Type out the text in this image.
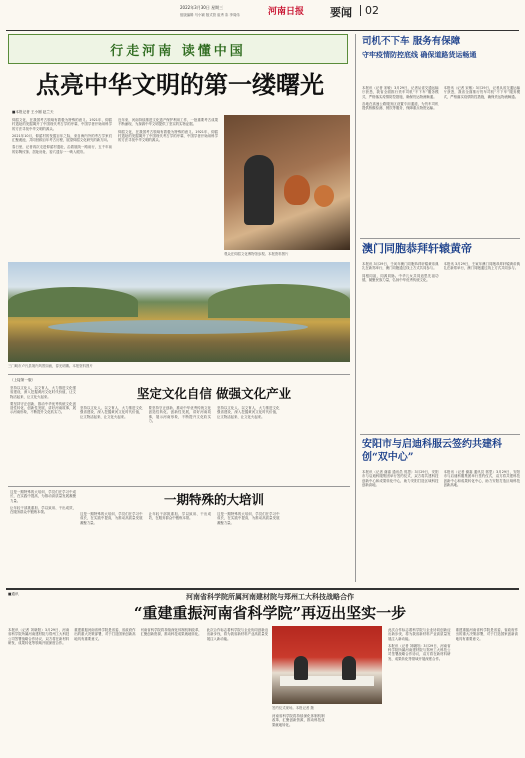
2022年3月30日 星期三
组版编辑 马小颖 版式管 崔秀 彩 李周伟	河南日报 要闻 02
行走河南 读懂中国
点亮中华文明的第一缕曙光
■本报记者 王小刚 赵兰天

仰韶文化，在我国考古领域有着极为特殊的意义。1921年，仰韶村遗址的发掘揭开了中国现代考古学的序幕，中国学者开始用科学的方法寻找中华文明的源头。

2021年10月，仰韶村的发掘百年之际，来自海内外的考古学家们汇聚渑池，共同回顾百年考古历程，展望仰韶文化研究的新方向。

春日里，记者再次走进仰韶村遗址，沿着展线一路前行，五千年前的彩陶纹饰、居址房址、窖穴遗存一一映入眼帘。

近年来，河南持续推进文化遗产保护利用工作，一批重要考古成果不断涌现，为探源中华文明提供了坚实的实物证据。

仰韶文化，在我国考古领域有着极为特殊的意义。1921年，仰韶村遗址的发掘揭开了中国现代考古学的序幕，中国学者开始用科学的方法寻找中华文明的源头。

观众在仰韶文化博物馆参观。本报资料图片
三门峡市卢氏县境内风景如画，春光明媚。本报资料图片
（上接第一版）
坚定文化自信 做强文化产业

坚持以文化人、以文育人，大力推进文化强省建设，深入挖掘黄河文化时代价值，让文物活起来、让文化火起来。

要坚持守正创新，推动中华优秀传统文化创造性转化、创新性发展，讲好河南故事，展示河南形象，不断提升文化软实力。

坚持以文化人、以文育人，大力推进文化强省建设，深入挖掘黄河文化时代价值，让文物活起来、让文化火起来。

要坚持守正创新，推动中华优秀传统文化创造性转化、创新性发展，讲好河南故事，展示河南形象，不断提升文化软实力。

坚持以文化人、以文育人，大力推进文化强省建设，深入挖掘黄河文化时代价值，让文物活起来、让文化火起来。

这是一期特殊的大培训，学员们在学习中成长，在实践中提高，为推动高质量发展凝聚力量。

让年轻干部挑重担、学以致用、干出成效，在服务群众中锻炼本领。

一期特殊的大培训

这是一期特殊的大培训，学员们在学习中成长，在实践中提高，为推动高质量发展凝聚力量。

让年轻干部挑重担、学以致用、干出成效，在服务群众中锻炼本领。

这是一期特殊的大培训，学员们在学习中成长，在实践中提高，为推动高质量发展凝聚力量。

司机不下车 服务有保障
守牢疫情防控底线 确保道路货运畅通

本报讯（记者 宋敏）3月29日，记者从省交通运输厅获悉，我省全面推行货车司机“不下车”服务模式，严格落实疫情防控措施，确保货运物流畅通。

各地在高速公路服务区设置专用通道，为货车司机提供核酸检测、餐饮等服务，保障重点物资运输。

本报讯（记者 宋敏）3月29日，记者从省交通运输厅获悉，我省全面推行货车司机“不下车”服务模式，严格落实疫情防控措施，确保货运物流畅通。

澳门同胞恭拜轩辕黄帝

本报讯 3月29日，壬寅年澳门同胞恭拜轩辕黄帝典礼在新郑举行，澳门同胞通过线上方式共同参与。

同根同祖，同源同脉。中华儿女共同追思先祖功德，凝聚民族力量，弘扬中华优秀传统文化。

本报讯 3月29日，壬寅年澳门同胞恭拜轩辕黄帝典礼在新郑举行，澳门同胞通过线上方式共同参与。

安阳市与启迪科服云签约共建科创“双中心”

本报讯（记者 谢嘉 通讯员 郭思）3月29日，安阳市与启迪科服集团举行签约仪式，双方将共建科技创新中心和成果转化中心，助力安阳打造区域科技创新高地。

本报讯（记者 谢嘉 通讯员 郭思）3月29日，安阳市与启迪科服集团举行签约仪式，双方将共建科技创新中心和成果转化中心，助力安阳打造区域科技创新高地。

■通讯	河南省科学院所属河南建材院与郑州工大科技战略合作
“重建重振河南省科学院”再迈出坚实一步

本报讯（记者 刘晓阳）3月29日，河南省科学院所属河南建材院与郑州工大科技公司签署战略合作协议，双方将在新材料研发、成果转化等领域开展深度合作。

重建重振河南省科学院是省委、省政府作出的重大决策部署，对于打造国家创新高地具有重要意义。

河南省科学院将持续深化体制机制改革，汇聚创新资源，推动科技成果就地转化。

此次合作标志着科学院与企业协同创新迈出新步伐，将为我省新材料产业高质量发展注入新动能。

签约仪式现场。本报记者 摄

河南省科学院将持续深化体制机制改革，汇聚创新资源，推动科技成果就地转化。

此次合作标志着科学院与企业协同创新迈出新步伐，将为我省新材料产业高质量发展注入新动能。

本报讯（记者 刘晓阳）3月29日，河南省科学院所属河南建材院与郑州工大科技公司签署战略合作协议，双方将在新材料研发、成果转化等领域开展深度合作。

重建重振河南省科学院是省委、省政府作出的重大决策部署，对于打造国家创新高地具有重要意义。
